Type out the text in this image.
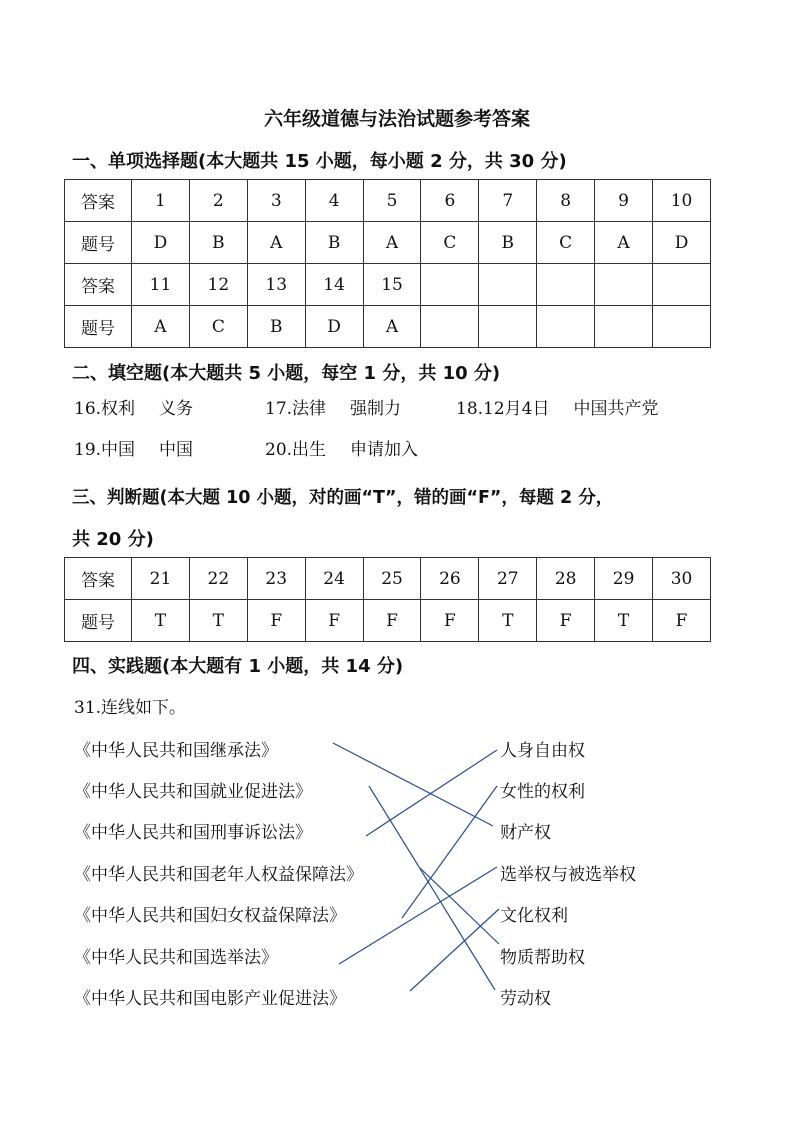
六年级道德与法治试题参考答案
一、单项选择题(本大题共 15 小题，每小题 2 分，共 30 分)
答案	1	2	3	4	5	6	7	8	9	10
题号	D	B	A	B	A	C	B	C	A	D
答案	11	12	13	14	15					
题号	A	C	B	D	A					
二、填空题(本大题共 5 小题，每空 1 分，共 10 分)
16.权利 义务	17.法律 强制力	18.12月4日 中国共产党
19.中国 中国	20.出生 申请加入
三、判断题(本大题 10 小题，对的画“T”，错的画“F”，每题 2 分，
共 20 分)
答案	21	22	23	24	25	26	27	28	29	30
题号	T	T	F	F	F	F	T	F	T	F
四、实践题(本大题有 1 小题，共 14 分)
31.连线如下。
《中华人民共和国继承法》
《中华人民共和国就业促进法》
《中华人民共和国刑事诉讼法》
《中华人民共和国老年人权益保障法》
《中华人民共和国妇女权益保障法》
《中华人民共和国选举法》
《中华人民共和国电影产业促进法》
人身自由权
女性的权利
财产权
选举权与被选举权
文化权利
物质帮助权
劳动权
